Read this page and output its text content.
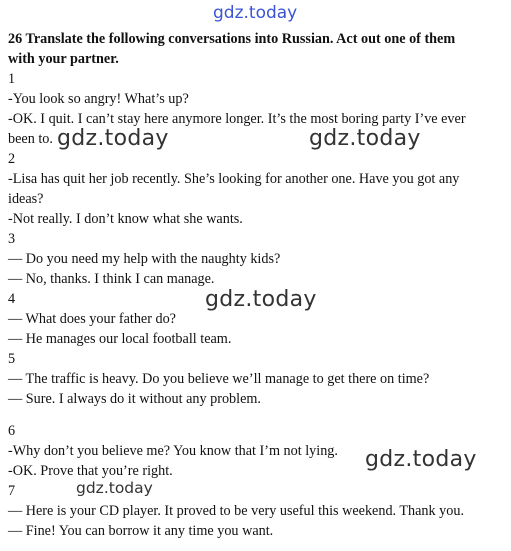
gdz.today
gdz.today	gdz.today
gdz.today
gdz.today
gdz.today
26 Translate the following conversations into Russian. Act out one of them
with your partner.
1
-You look so angry! What’s up?
-OK. I quit. I can’t stay here anymore longer. It’s the most boring party I’ve ever
been to.
2
-Lisa has quit her job recently. She’s looking for another one. Have you got any
ideas?
-Not really. I don’t know what she wants.
3
— Do you need my help with the naughty kids?
— No, thanks. I think I can manage.
4
— What does your father do?
— He manages our local football team.
5
— The traffic is heavy. Do you believe we’ll manage to get there on time?
— Sure. I always do it without any problem.
6
-Why don’t you believe me? You know that I’m not lying.
-OK. Prove that you’re right.
7
— Here is your CD player. It proved to be very useful this weekend. Thank you.
— Fine! You can borrow it any time you want.
